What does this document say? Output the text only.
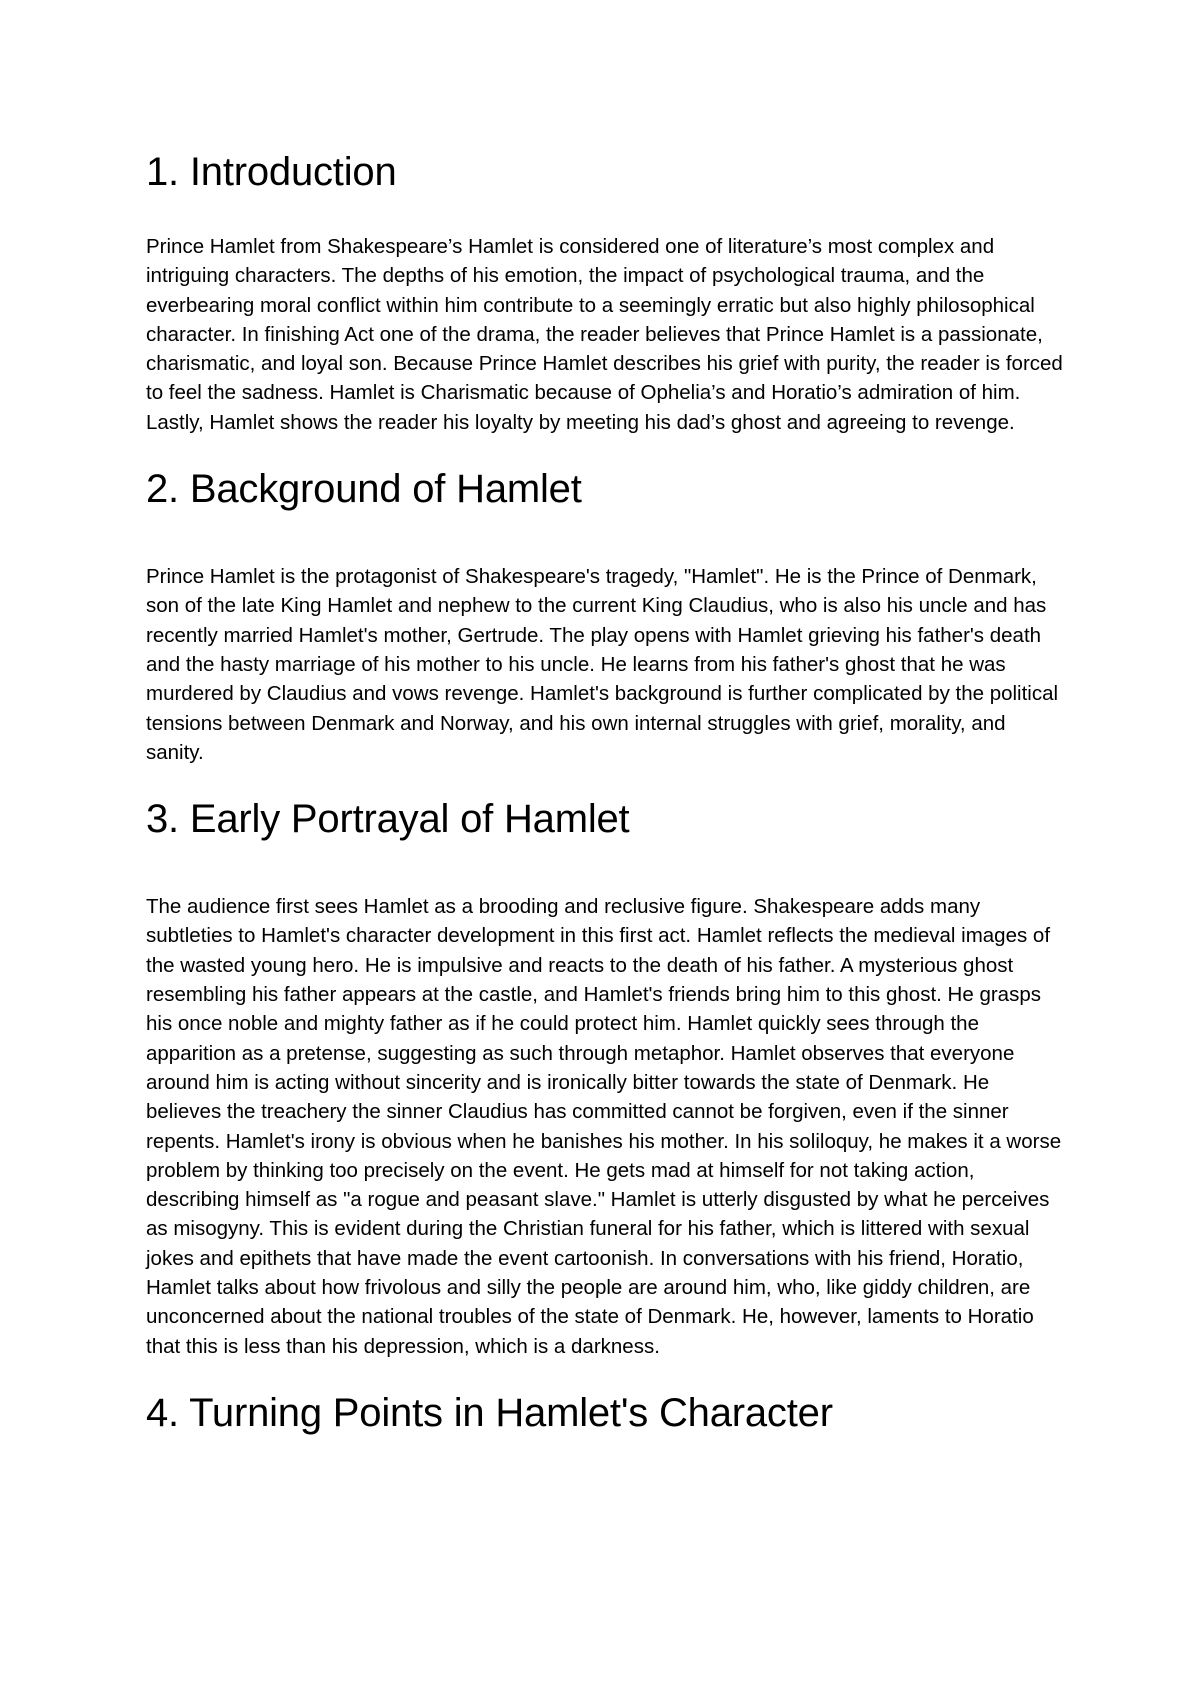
1. Introduction

Prince Hamlet from Shakespeare’s Hamlet is considered one of literature’s most complex and intriguing characters. The depths of his emotion, the impact of psychological trauma, and the everbearing moral conflict within him contribute to a seemingly erratic but also highly philosophical character. In finishing Act one of the drama, the reader believes that Prince Hamlet is a passionate, charismatic, and loyal son. Because Prince Hamlet describes his grief with purity, the reader is forced to feel the sadness. Hamlet is Charismatic because of Ophelia’s and Horatio’s admiration of him. Lastly, Hamlet shows the reader his loyalty by meeting his dad’s ghost and agreeing to revenge.

2. Background of Hamlet

Prince Hamlet is the protagonist of Shakespeare's tragedy, "Hamlet". He is the Prince of Denmark, son of the late King Hamlet and nephew to the current King Claudius, who is also his uncle and has recently married Hamlet's mother, Gertrude. The play opens with Hamlet grieving his father's death and the hasty marriage of his mother to his uncle. He learns from his father's ghost that he was murdered by Claudius and vows revenge. Hamlet's background is further complicated by the political tensions between Denmark and Norway, and his own internal struggles with grief, morality, and sanity.

3. Early Portrayal of Hamlet

The audience first sees Hamlet as a brooding and reclusive figure. Shakespeare adds many subtleties to Hamlet's character development in this first act. Hamlet reflects the medieval images of the wasted young hero. He is impulsive and reacts to the death of his father. A mysterious ghost resembling his father appears at the castle, and Hamlet's friends bring him to this ghost. He grasps his once noble and mighty father as if he could protect him. Hamlet quickly sees through the apparition as a pretense, suggesting as such through metaphor. Hamlet observes that everyone around him is acting without sincerity and is ironically bitter towards the state of Denmark. He believes the treachery the sinner Claudius has committed cannot be forgiven, even if the sinner repents. Hamlet's irony is obvious when he banishes his mother. In his soliloquy, he makes it a worse problem by thinking too precisely on the event. He gets mad at himself for not taking action, describing himself as "a rogue and peasant slave." Hamlet is utterly disgusted by what he perceives as misogyny. This is evident during the Christian funeral for his father, which is littered with sexual jokes and epithets that have made the event cartoonish. In conversations with his friend, Horatio, Hamlet talks about how frivolous and silly the people are around him, who, like giddy children, are unconcerned about the national troubles of the state of Denmark. He, however, laments to Horatio that this is less than his depression, which is a darkness.

4. Turning Points in Hamlet's Character
